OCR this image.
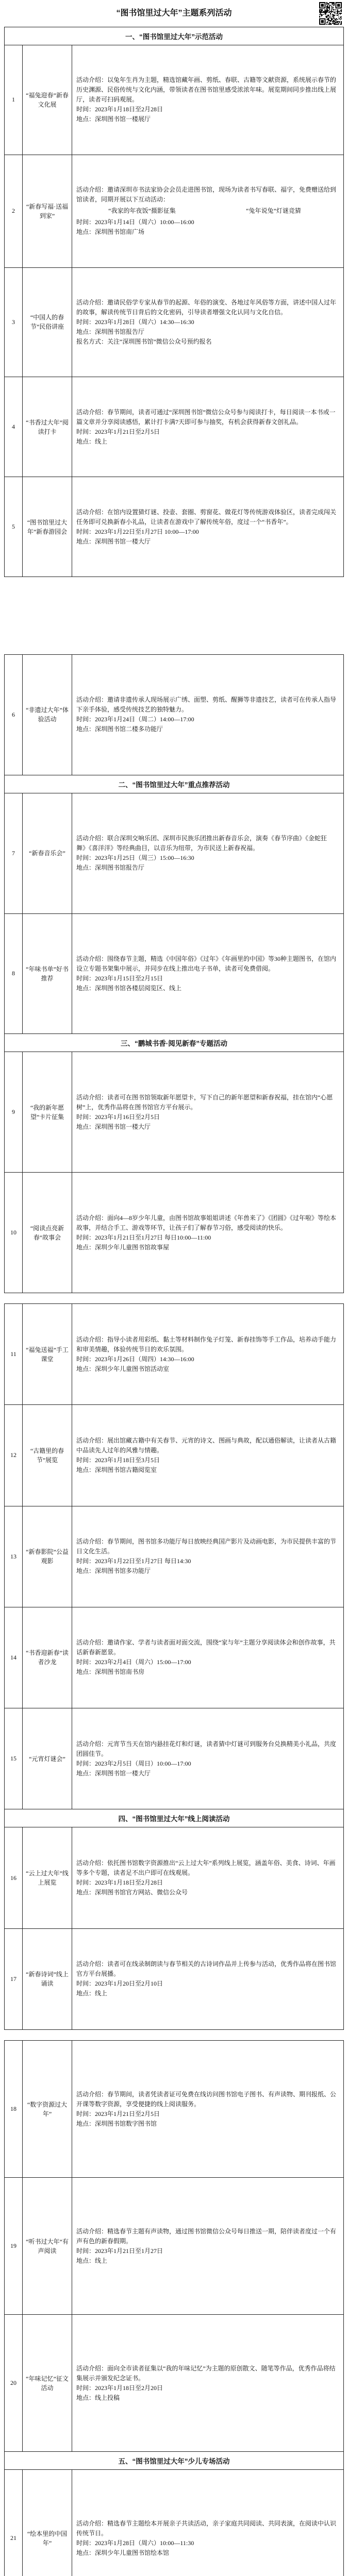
“图书馆里过大年”主题系列活动
一、“图书馆里过大年”示范活动
1
“福兔迎春”新春文化展

活动介绍：以兔年生肖为主题，精选馆藏年画、剪纸、春联、古籍等文献资源，系统展示春节的历史渊源、民俗传统与文化内涵，带领读者在图书馆里感受浓浓年味。展览期间同步推出线上展厅，读者可扫码观展。

时间：2023年1月18日至2月28日

地点：深圳图书馆一楼展厅

2
“新春写福·送福到家”

活动介绍：邀请深圳市书法家协会会员走进图书馆，现场为读者书写春联、福字，免费赠送给到馆读者，同期开展以下互动活动：

“我家的年夜饭”摄影征集	“兔年说兔”灯谜竞猜

时间：2023年1月14日（周六）10:00—16:00

地点：深圳图书馆南广场

3
“中国人的春节”民俗讲座

活动介绍：邀请民俗学专家从春节的起源、年俗的演变、各地过年风俗等方面，讲述中国人过年的故事，解读传统节日背后的文化密码，引导读者增强文化认同与文化自信。

时间：2023年1月28日（周六）14:30—16:30

地点：深圳图书馆报告厅

报名方式：关注“深圳图书馆”微信公众号预约报名

4
“书香过大年”阅读打卡

活动介绍：春节期间，读者可通过“深圳图书馆”微信公众号参与阅读打卡，每日阅读一本书或一篇文章并分享阅读感悟，累计打卡满7天即可参与抽奖，有机会获得新春文创礼品。

时间：2023年1月21日至2月5日

地点：线上

5
“图书馆里过大年”新春游园会

活动介绍：在馆内设置猜灯谜、投壶、套圈、剪窗花、做花灯等传统游戏体验区，读者完成闯关任务即可兑换新春小礼品，让读者在游戏中了解传统年俗，度过一个“书香年”。

时间：2023年1月22日至1月27日 10:00—17:00

地点：深圳图书馆一楼大厅

6
“非遗过大年”体验活动

活动介绍：邀请非遗传承人现场展示广绣、面塑、剪纸、醒狮等非遗技艺，读者可在传承人指导下亲手体验，感受传统技艺的独特魅力。

时间：2023年1月24日（周二）14:00—17:00

地点：深圳图书馆二楼多功能厅

二、“图书馆里过大年”重点推荐活动
7	“新春音乐会”

活动介绍：联合深圳交响乐团、深圳市民族乐团推出新春音乐会，演奏《春节序曲》《金蛇狂舞》《喜洋洋》等经典曲目，以音乐为纽带，为市民送上新春祝福。

时间：2023年1月25日（周三）15:00—16:30

地点：深圳图书馆报告厅

8
“年味书单”好书推荐

活动介绍：围绕春节主题，精选《中国年俗》《过年》《年画里的中国》等30种主题图书，在馆内设立专题书架集中展示，并同步在线上推出电子书单，读者可免费借阅。

时间：2023年1月15日至2月15日

地点：深圳图书馆各楼层阅览区、线上

三、“鹏城书香·阅见新春”专题活动
9
“我的新年愿望”卡片征集

活动介绍：读者可在图书馆领取新年愿望卡，写下自己的新年愿望和新春祝福，挂在馆内“心愿树”上，优秀作品将在图书馆官方平台展示。

时间：2023年1月16日至2月5日

地点：深圳图书馆一楼大厅

10
“阅读点亮新春”故事会

活动介绍：面向4—8岁少年儿童，由图书馆故事姐姐讲述《年兽来了》《团圆》《过年啦》等绘本故事，并结合手工、游戏等环节，让孩子们了解春节习俗，感受阅读的快乐。

时间：2023年1月21日至1月27日 每日10:00—11:00

地点：深圳少年儿童图书馆故事屋

11
“福兔送福”手工课堂

活动介绍：指导小读者用彩纸、黏土等材料制作兔子灯笼、新春挂饰等手工作品，培养动手能力和审美情趣，体验传统节日的欢乐氛围。

时间：2023年1月26日（周四）14:30—16:00

地点：深圳少年儿童图书馆活动室

12
“古籍里的春节”展览

活动介绍：展出馆藏古籍中有关春节、元宵的诗文、图画与典故，配以通俗解读，让读者从古籍中品读先人过年的风雅与情趣。

时间：2023年1月18日至3月5日

地点：深圳图书馆古籍阅览室

13
“新春影院”公益观影

活动介绍：春节期间，图书馆多功能厅每日放映经典国产影片及动画电影，为市民提供丰富的节日文化生活。

时间：2023年1月22日至1月27日 每日14:30

地点：深圳图书馆多功能厅

14
“书香迎新春”读者沙龙

活动介绍：邀请作家、学者与读者面对面交流，围绕“家与年”主题分享阅读体会和创作故事，共话新春新愿景。

时间：2023年2月4日（周六）15:00—17:00

地点：深圳图书馆南书房

15	“元宵灯谜会”

活动介绍：元宵节当天在馆内悬挂花灯和灯谜，读者猜中灯谜可到服务台兑换精美小礼品，共度团圆佳节。

时间：2023年2月5日（周日）10:00—17:00

地点：深圳图书馆一楼大厅

四、“图书馆里过大年”线上阅读活动
16
“云上过大年”线上展览

活动介绍：依托图书馆数字资源推出“云上过大年”系列线上展览，涵盖年俗、美食、诗词、年画等多个专题，读者足不出户即可在线观展。

时间：2023年1月18日至2月28日

地点：深圳图书馆官方网站、微信公众号

17
“新春诗词”线上诵读

活动介绍：读者可在线录制朗读与春节相关的古诗词作品并上传参与活动，优秀作品将在图书馆官方平台展播。

时间：2023年1月20日至2月10日

地点：线上

18
“数字资源过大年”

活动介绍：春节期间，读者凭读者证可免费在线访问图书馆电子图书、有声读物、期刊报纸、公开课等数字资源，享受便捷的线上阅读服务。

时间：2023年1月21日至2月5日

地点：深圳图书馆数字图书馆

19
“听书过大年”有声阅读

活动介绍：精选春节主题有声读物，通过图书馆微信公众号每日推送一期，陪伴读者度过一个有声有色的新春假期。

时间：2023年1月21日至1月27日

地点：线上

20
“年味记忆”征文活动

活动介绍：面向全市读者征集以“我的年味记忆”为主题的原创散文、随笔等作品，优秀作品将结集展示并颁发纪念证书。

时间：2023年1月18日至2月20日

地点：线上投稿

五、“图书馆里过大年”少儿专场活动
21
“绘本里的中国年”

活动介绍：精选春节主题绘本开展亲子共读活动，亲子家庭共同阅读、共同表演，在阅读中认识传统节日。

时间：2023年1月28日（周六）10:00—11:30

地点：深圳少年儿童图书馆绘本馆
